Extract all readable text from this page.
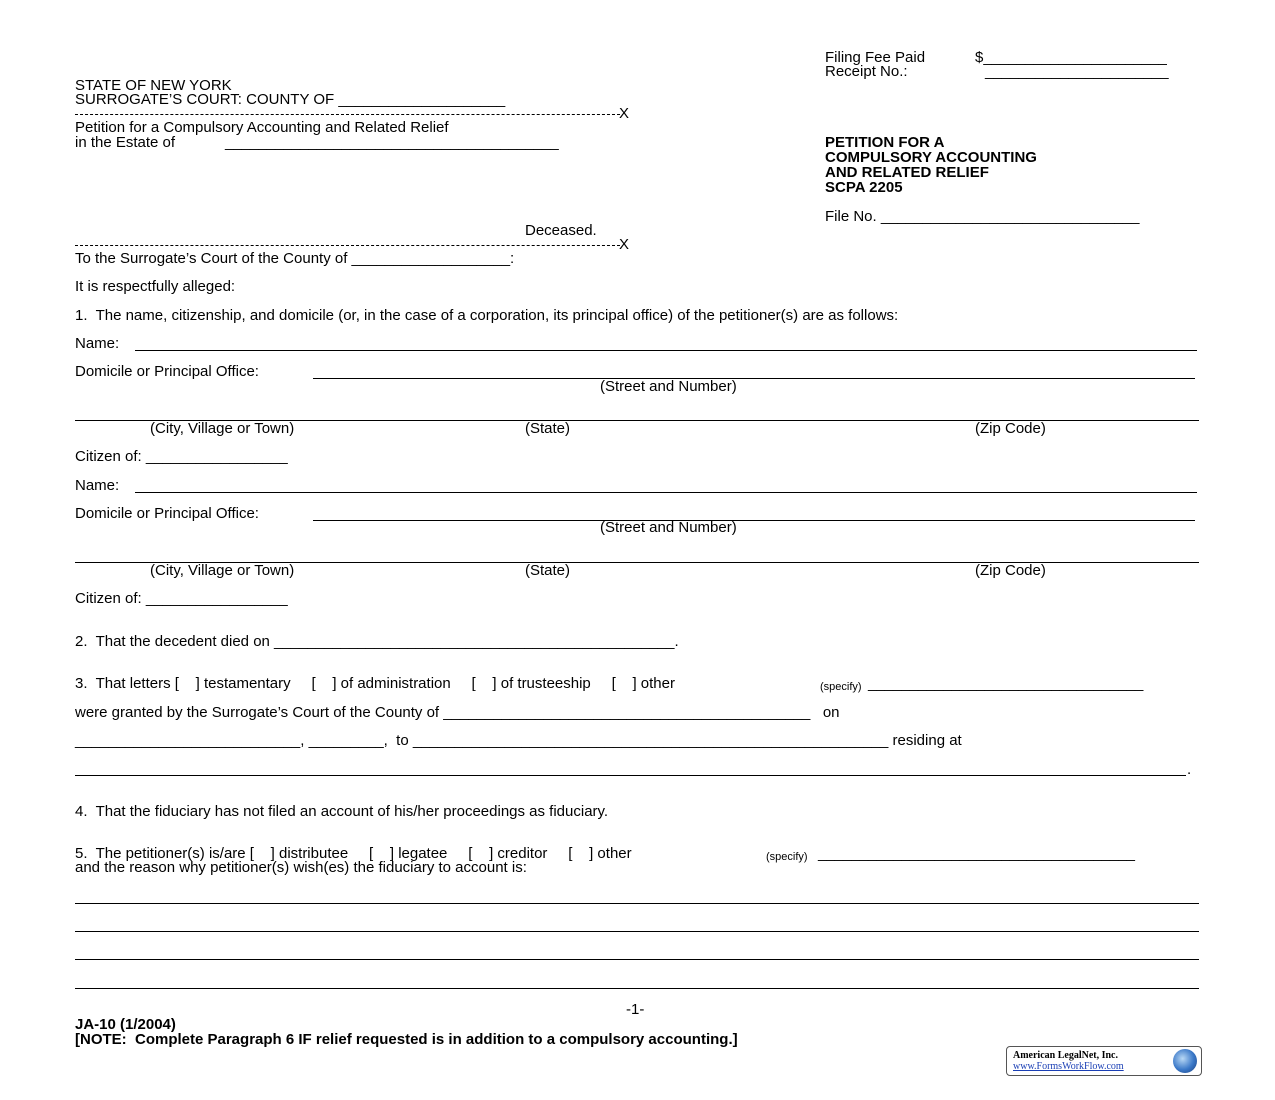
Filing Fee Paid	$______________________
Receipt No.:	______________________
STATE OF NEW YORK
SURROGATE’S COURT: COUNTY OF ____________________
X
Petition for a Compulsory Accounting and Related Relief
in the Estate of	________________________________________
Deceased.
X
PETITION FOR A
COMPULSORY ACCOUNTING
AND RELATED RELIEF
SCPA 2205
File No. _______________________________
To the Surrogate’s Court of the County of ___________________:
It is respectfully alleged:
1.  The name, citizenship, and domicile (or, in the case of a corporation, its principal office) of the petitioner(s) are as follows:
Name:
Domicile or Principal Office:
(Street and Number)
(City, Village or Town)	(State)	(Zip Code)
Citizen of: _________________
Name:
Domicile or Principal Office:
(Street and Number)
(City, Village or Town)	(State)	(Zip Code)
Citizen of: _________________
2.  That the decedent died on ________________________________________________.
3.  That letters [    ] testamentary     [    ] of administration     [    ] of trusteeship     [    ] other	(specify) _________________________________
were granted by the Surrogate’s Court of the County of ____________________________________________   on
___________________________, _________,  to _________________________________________________________ residing at
.
4.  That the fiduciary has not filed an account of his/her proceedings as fiduciary.
5.  The petitioner(s) is/are [    ] distributee     [    ] legatee     [    ] creditor     [    ] other	(specify) ______________________________________
and the reason why petitioner(s) wish(es) the fiduciary to account is:
-1-
JA-10 (1/2004)
[NOTE:  Complete Paragraph 6 IF relief requested is in addition to a compulsory accounting.]
American LegalNet, Inc.
www.FormsWorkFlow.com
